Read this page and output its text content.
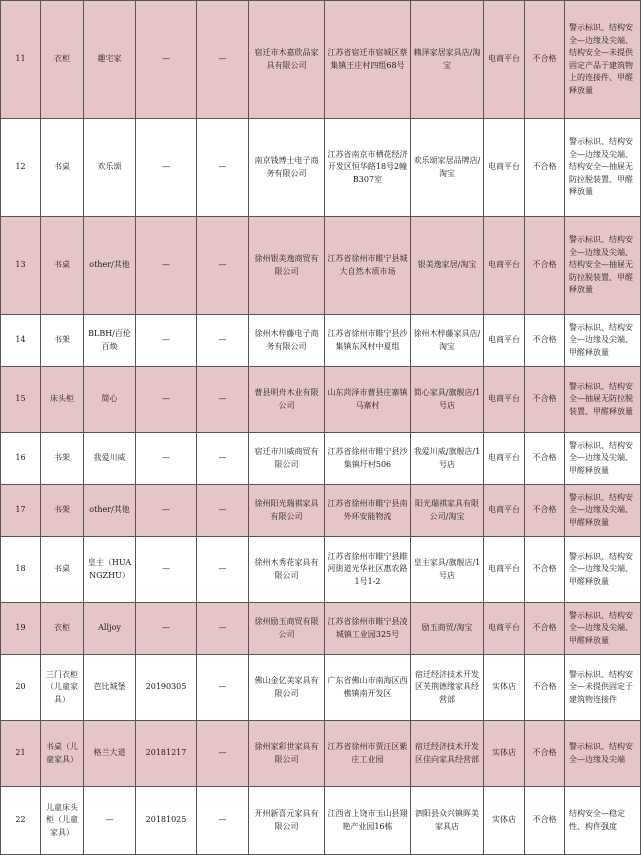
11	衣柜	趣宅家	—	—	宿迁市木嘉欣品家具有限公司	江苏省宿迁市宿城区蔡集镇王庄村四组68号	赖泽家居家具店/淘宝	电商平台	不合格	警示标识、结构安全—边缘及尖端、结构安全—未提供固定产品于建筑物上的连接件、甲醛释放量
12	书桌	欢乐颂	—	—	南京钱博士电子商务有限公司	江苏省南京市栖花经济开发区恒华路18号2幢B307室	欢乐颂家居品牌店/淘宝	电商平台	不合格	警示标识、结构安全—边缘及尖端、结构安全—抽屉无防拉脱装置、甲醛释放量
13	书桌	other/其他	—	—	徐州银美逸商贸有限公司	江苏省徐州市睢宁县城大自然木质市场	银美逸家居/淘宝	电商平台	不合格	警示标识、结构安全—边缘及尖端、结构安全—抽屉无防拉脱装置、甲醛释放量
14	书架	BLBH/百伦百焕	—	—	徐州木梓藤电子商务有限公司	江苏省徐州市睢宁县沙集镇东风村中夏组	徐州木梓藤家具店/淘宝	电商平台	不合格	警示标识、结构安全—边缘及尖端、甲醛释放量
15	床头柜	简心	—	—	曹县明舟木业有限公司	山东菏泽市曹县庄寨镇马寨村	简心家具/旗舰店/1号店	电商平台	不合格	警示标识、结构安全—抽屉无防拉脱装置、甲醛释放量
16	书架	我爱川威	—	—	宿迁市川威商贸有限公司	江苏省徐州市睢宁县沙集镇圩村506	我爱川威/旗舰店/1号店	电商平台	不合格	警示标识、结构安全—边缘及尖端、甲醛释放量
17	书架	other/其他	—	—	徐州阳光瑞祺家具有限公司	江苏省徐州市睢宁县南外环安能物流	阳光瑞祺家具有限公司/淘宝	电商平台	不合格	警示标识、结构安全—边缘及尖端、甲醛释放量
18	书桌	皇主（HUANGZHU）	—	—	徐州木秀花家具有限公司	江苏省徐州市睢宁县睢河街道光华社区惠农路1号1-2	皇主家具/旗舰店/1号店	电商平台	不合格	警示标识、结构安全—边缘及尖端、甲醛释放量
19	衣柜	Alljoy	—	—	徐州励玉商贸有限公司	江苏省徐州市睢宁县凌城镇工业园325号	励玉商贸/淘宝	电商平台	不合格	警示标识、结构安全—边缘及尖端、甲醛释放量
20	三门衣柜（儿童家具）	芭比城堡	20190305	—	佛山金亿美家具有限公司	广东省佛山市南海区西樵镇南开发区	宿迁经济技术开发区芙荆德缘家具经营部	实体店	不合格	警示标识、结构安全—未提供固定于建筑物连接件
21	书桌（儿童家具）	格兰大道	20181217	—	徐州家彩世家具有限公司	江苏省徐州市贾汪区紫庄工业园	宿迁经济技术开发区佳向家具经营部	实体店	不合格	警示标识、结构安全—边缘及尖端
22	儿童床头柜（儿童家具）	—	20181025	—	开州新喜元家具有限公司	江西省上饶市玉山县翔艳产业园16栋	泗阳县众兴镇晖美家具店	实体店	不合格	结构安全—稳定性、构件强度
